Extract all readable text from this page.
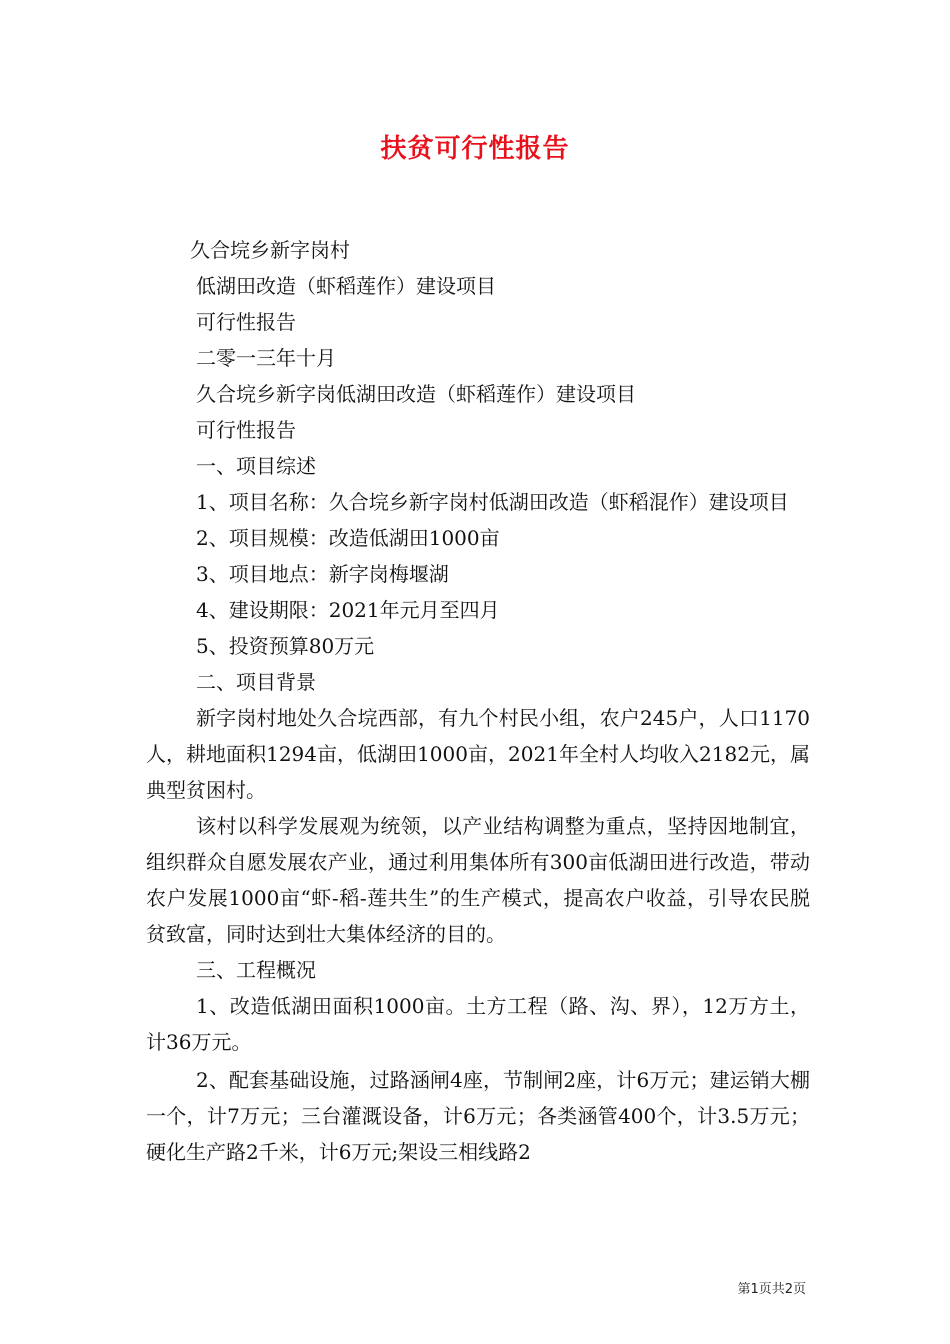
扶贫可行性报告

久合垸乡新字岗村

低湖田改造（虾稻莲作）建设项目

可行性报告

二零一三年十月

久合垸乡新字岗低湖田改造（虾稻莲作）建设项目

可行性报告

一、项目综述

1、项目名称：久合垸乡新字岗村低湖田改造（虾稻混作）建设项目

2、项目规模：改造低湖田1000亩

3、项目地点：新字岗梅堰湖

4、建设期限：2021年元月至四月

5、投资预算80万元

二、项目背景

新字岗村地处久合垸西部，有九个村民小组，农户245户，人口1170人，耕地面积1294亩，低湖田1000亩，2021年全村人均收入2182元，属典型贫困村。

该村以科学发展观为统领，以产业结构调整为重点，坚持因地制宜，组织群众自愿发展农产业，通过利用集体所有300亩低湖田进行改造，带动农户发展1000亩“虾-稻-莲共生”的生产模式，提高农户收益，引导农民脱贫致富，同时达到壮大集体经济的目的。

三、工程概况

1、改造低湖田面积1000亩。土方工程（路、沟、界），12万方土，计36万元。

2、配套基础设施，过路涵闸4座，节制闸2座，计6万元；建运销大棚一个，计7万元；三台灌溉设备，计6万元；各类涵管400个，计3.5万元；硬化生产路2千米，计6万元;架设三相线路2

第1页共2页
